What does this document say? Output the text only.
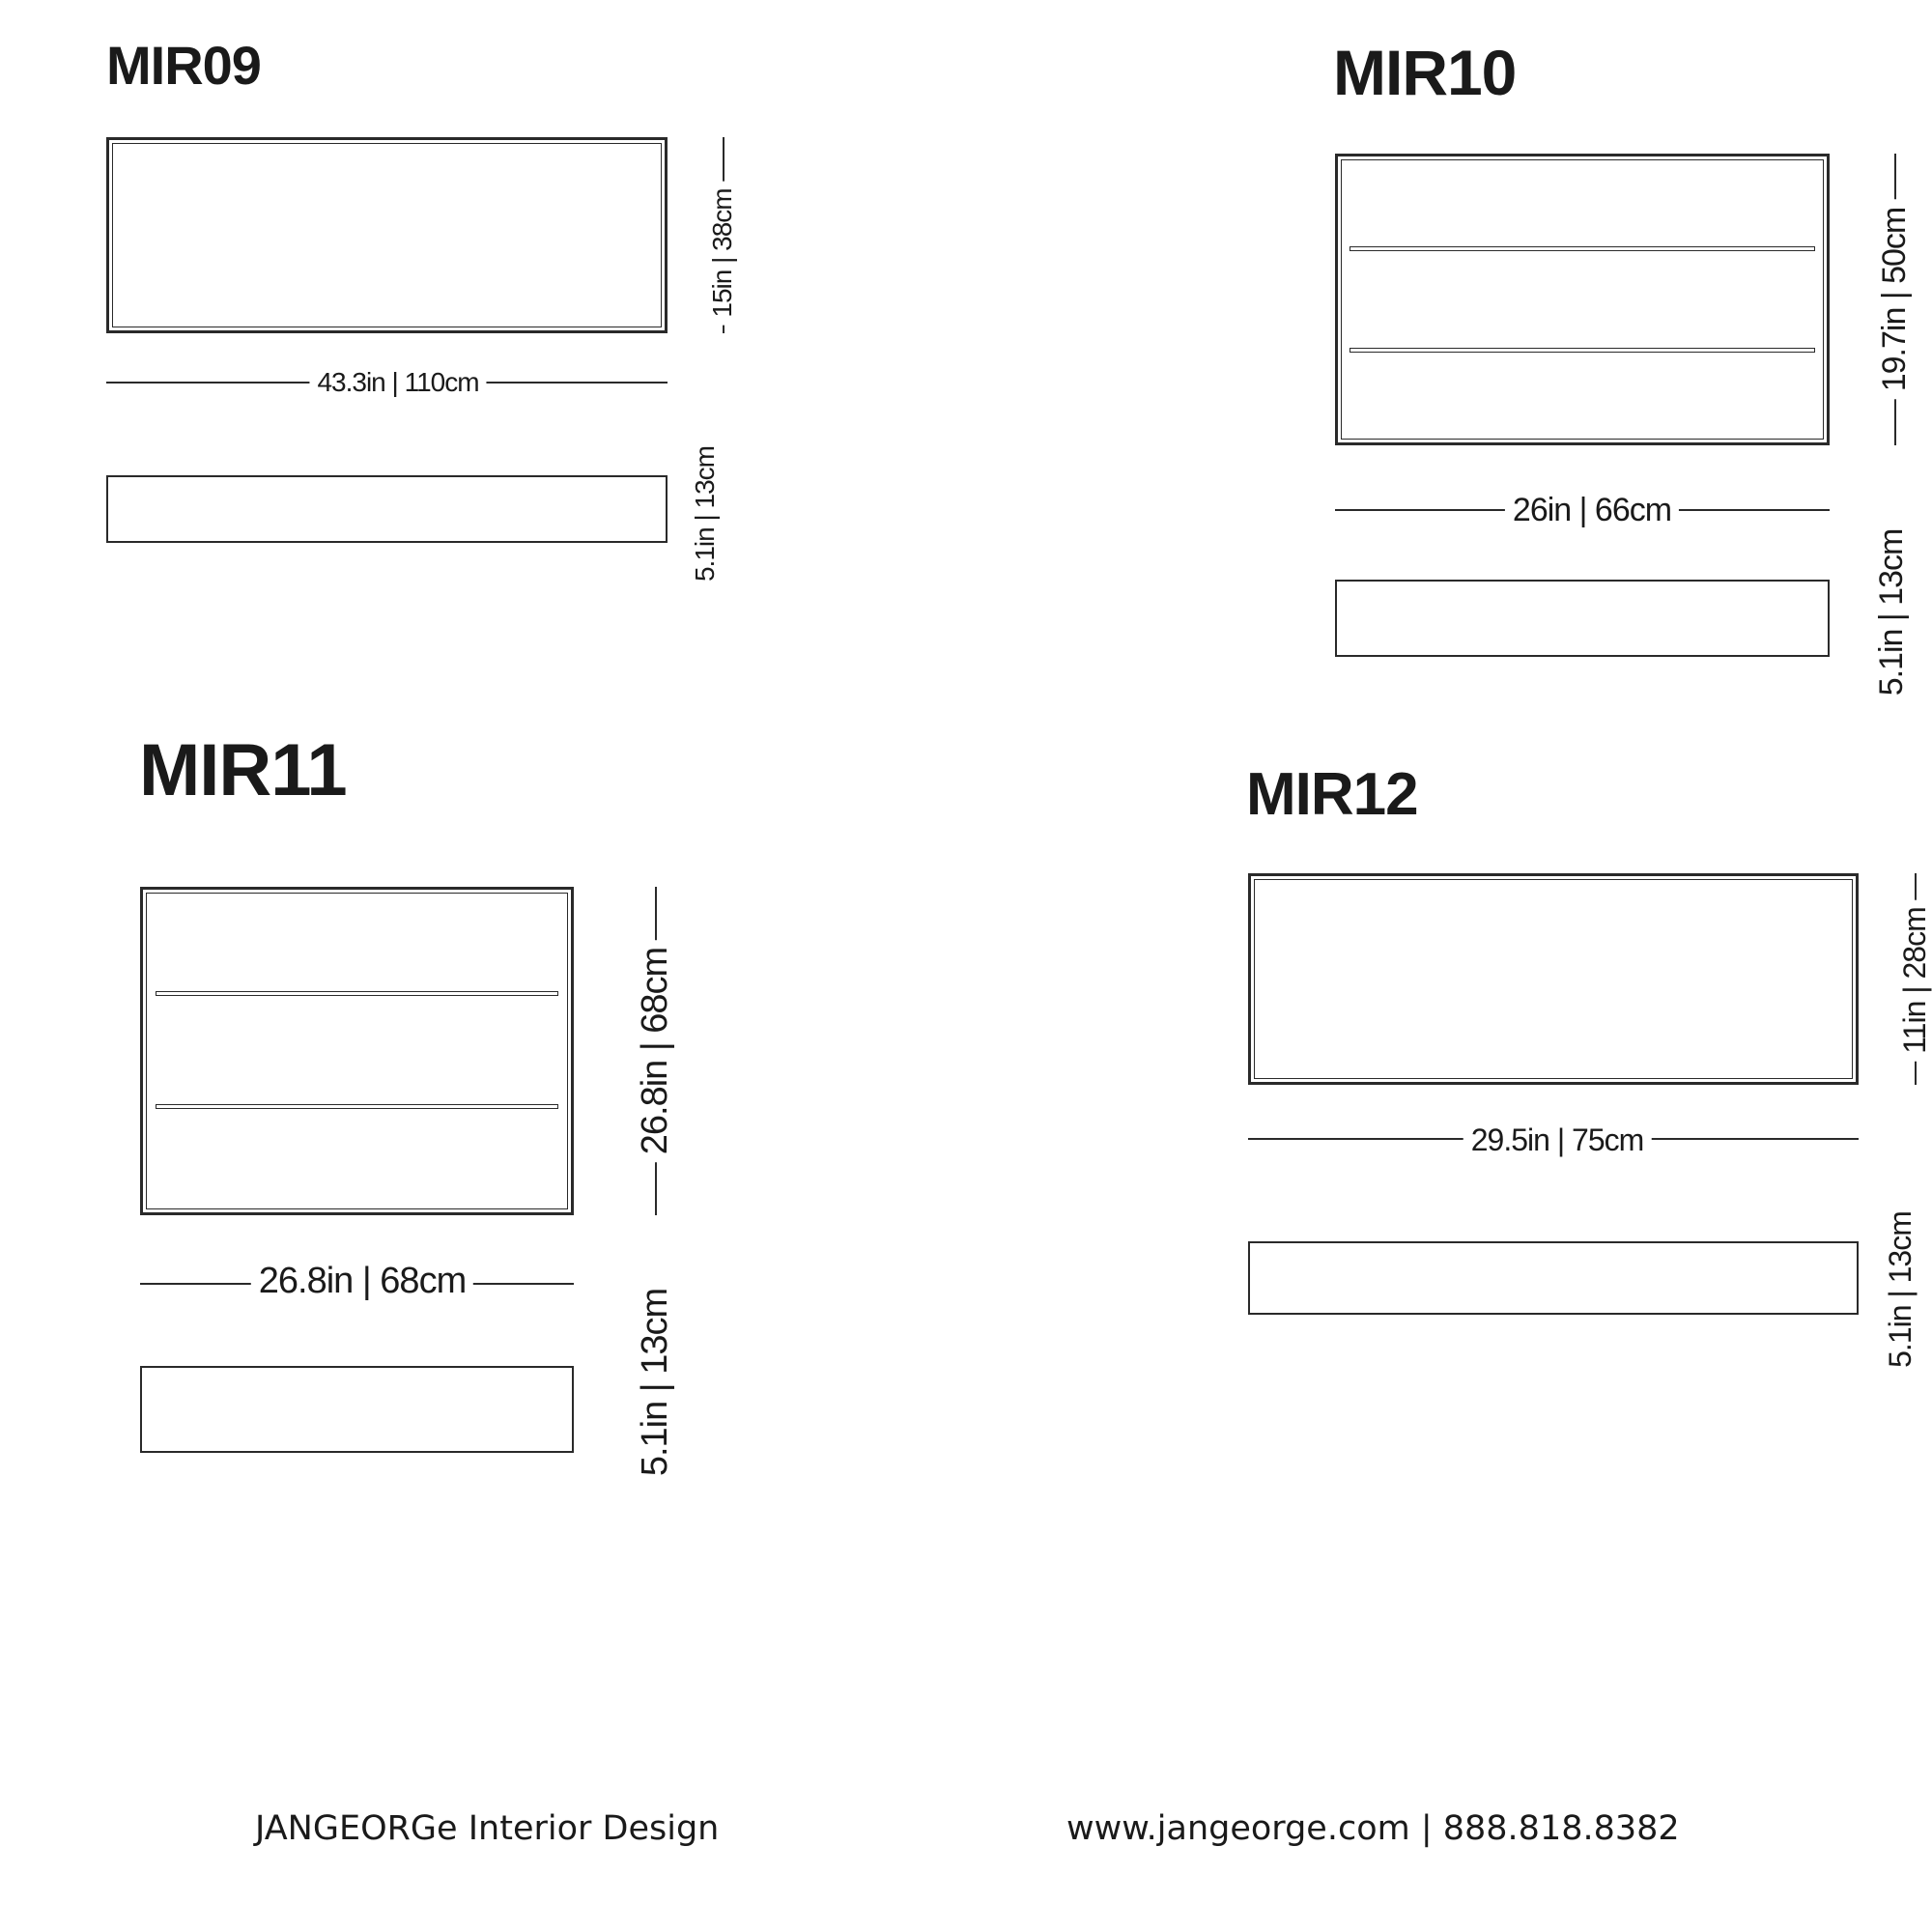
MIR09
43.3in | 110cm
15in | 38cm
5.1in | 13cm
MIR10
26in | 66cm
19.7in | 50cm
5.1in | 13cm
MIR11
26.8in | 68cm
26.8in | 68cm
5.1in | 13cm
MIR12
29.5in | 75cm
11in | 28cm
5.1in | 13cm
JANGEORGe Interior Design	www.jangeorge.com | 888.818.8382
